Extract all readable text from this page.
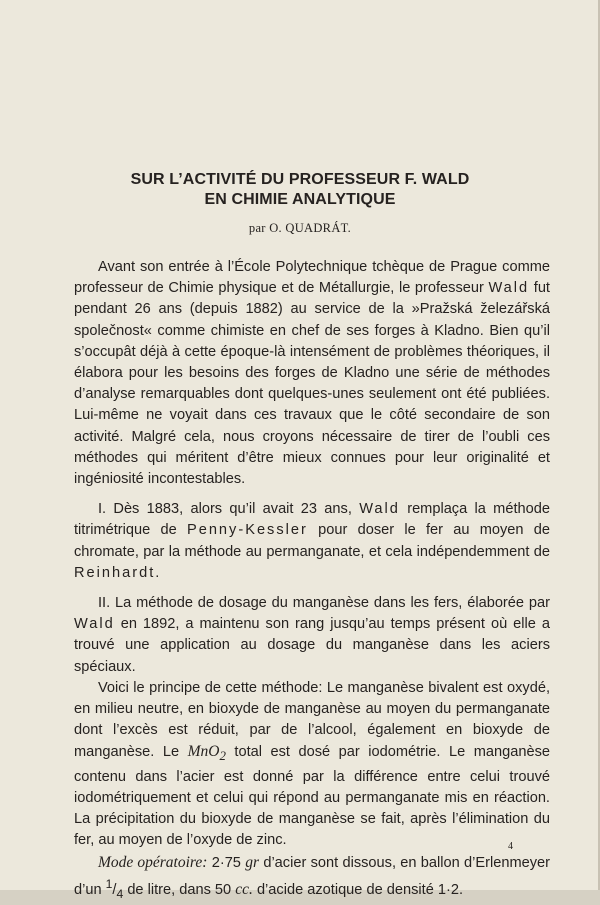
SUR L’ACTIVITÉ DU PROFESSEUR F. WALD
EN CHIMIE ANALYTIQUE
par O. QUADRÁT.

Avant son entrée à l’École Polytechnique tchèque de Prague comme professeur de Chimie physique et de Métallurgie, le professeur Wald fut pendant 26 ans (depuis 1882) au service de la »Pražská železářská společnost« comme chimiste en chef de ses forges à Kladno. Bien qu’il s’occupât déjà à cette époque-là intensément de problèmes théoriques, il élabora pour les besoins des forges de Kladno une série de méthodes d’analyse remarquables dont quelques-unes seulement ont été publiées. Lui-même ne voyait dans ces travaux que le côté secondaire de son activité. Malgré cela, nous croyons nécessaire de tirer de l’oubli ces méthodes qui méritent d’être mieux connues pour leur originalité et ingéniosité incontestables.

I. Dès 1883, alors qu’il avait 23 ans, Wald remplaça la méthode titrimétrique de Penny-Kessler pour doser le fer au moyen de chromate, par la méthode au permanganate, et cela indépendemment de Reinhardt.

II. La méthode de dosage du manganèse dans les fers, élaborée par Wald en 1892, a maintenu son rang jusqu’au temps présent où elle a trouvé une application au dosage du manganèse dans les aciers spéciaux.

Voici le principe de cette méthode: Le manganèse bivalent est oxydé, en milieu neutre, en bioxyde de manganèse au moyen du permanganate dont l’excès est réduit, par de l’alcool, également en bioxyde de manganèse. Le MnO$_2$ total est dosé par iodométrie. Le manganèse contenu dans l’acier est donné par la différence entre celui trouvé iodométriquement et celui qui répond au permanganate mis en réaction. La précipitation du bioxyde de manganèse se fait, après l’élimination du fer, au moyen de l’oxyde de zinc.

Mode opératoire: 2·75 gr d’acier sont dissous, en ballon d’Erlenmeyer d’un $^1/_4$ de litre, dans 50 cc. d’acide azotique de densité 1·2.

4
